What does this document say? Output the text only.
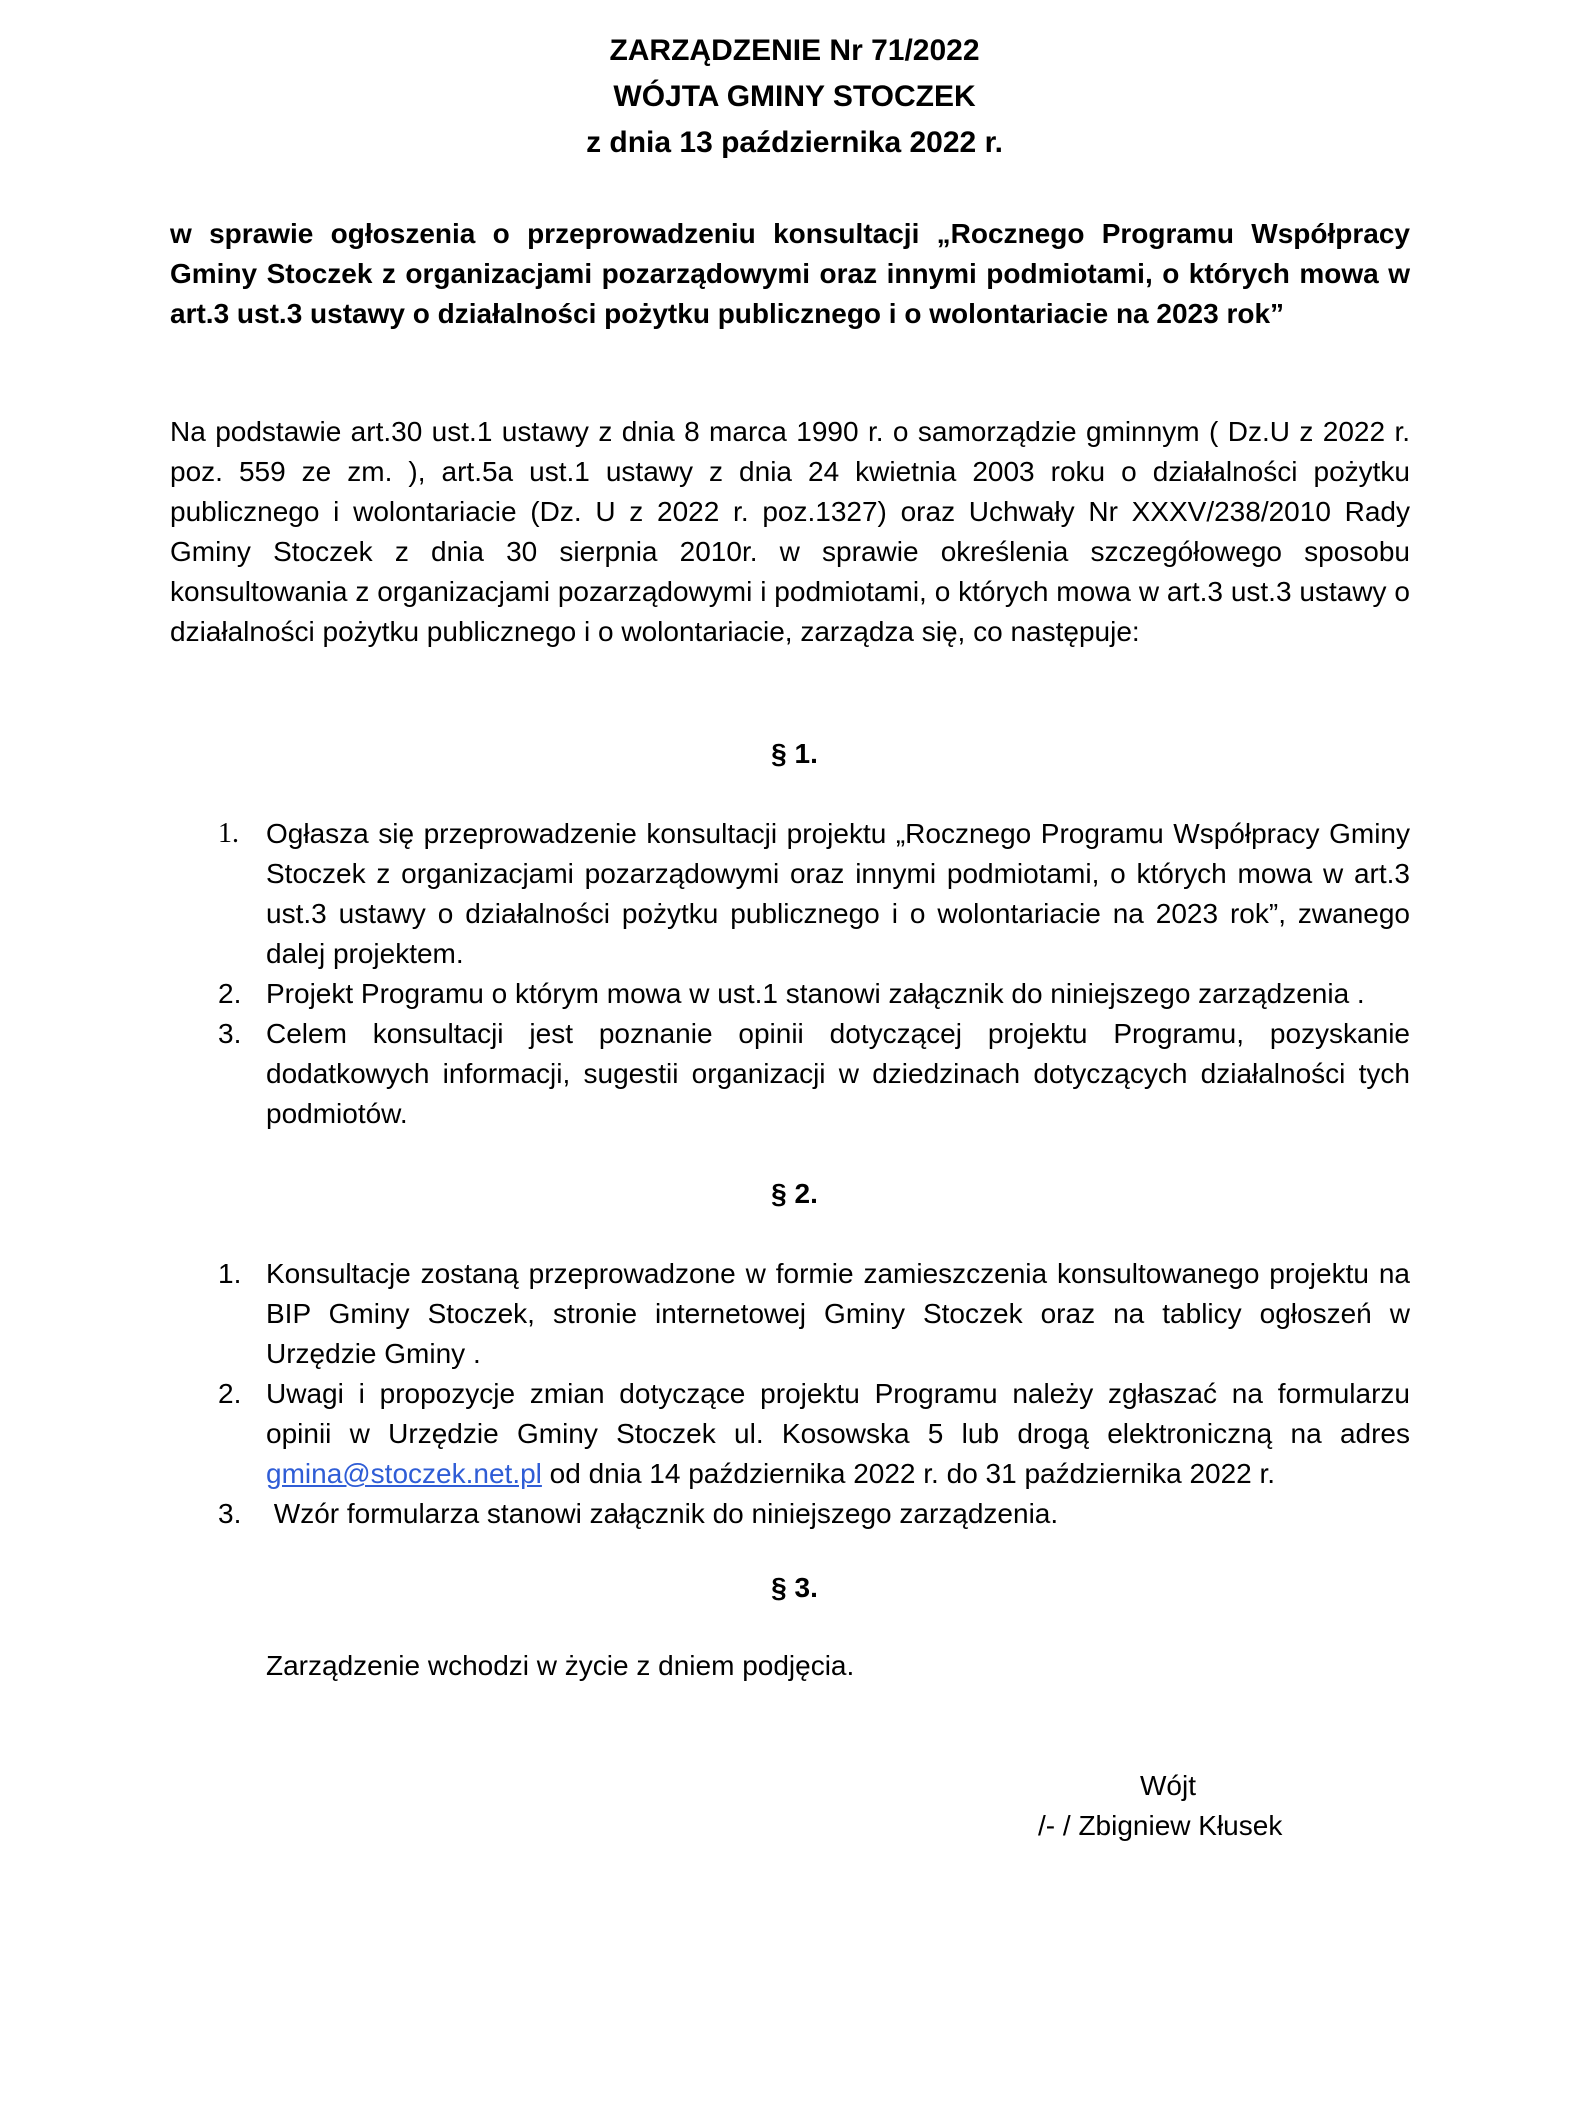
ZARZĄDZENIE Nr 71/2022
WÓJTA GMINY STOCZEK
z dnia 13 października 2022 r.
w sprawie ogłoszenia o przeprowadzeniu konsultacji „Rocznego Programu Współpracy Gminy Stoczek z organizacjami pozarządowymi oraz innymi podmiotami, o których mowa w art.3 ust.3 ustawy o działalności pożytku publicznego i o wolontariacie na 2023 rok”
Na podstawie art.30 ust.1 ustawy z dnia 8 marca 1990 r. o samorządzie gminnym ( Dz.U z 2022 r. poz. 559 ze zm. ), art.5a ust.1 ustawy z dnia 24 kwietnia 2003 roku o działalności pożytku publicznego i wolontariacie (Dz. U z 2022 r. poz.1327) oraz Uchwały Nr XXXV/238/2010 Rady Gminy Stoczek z dnia 30 sierpnia 2010r. w sprawie określenia szczegółowego sposobu konsultowania z organizacjami pozarządowymi i podmiotami, o których mowa w art.3 ust.3 ustawy o działalności pożytku publicznego i o wolontariacie, zarządza się, co następuje:
§ 1.
1. Ogłasza się przeprowadzenie konsultacji projektu „Rocznego Programu Współpracy Gminy Stoczek z organizacjami pozarządowymi oraz innymi podmiotami, o których mowa w art.3 ust.3 ustawy o działalności pożytku publicznego i o wolontariacie na 2023 rok”, zwanego dalej projektem.
2. Projekt Programu o którym mowa w ust.1 stanowi załącznik do niniejszego zarządzenia .
3. Celem konsultacji jest poznanie opinii dotyczącej projektu Programu, pozyskanie dodatkowych informacji, sugestii organizacji w dziedzinach dotyczących działalności tych podmiotów.
§ 2.
1. Konsultacje zostaną przeprowadzone w formie zamieszczenia konsultowanego projektu na BIP Gminy Stoczek, stronie internetowej Gminy Stoczek oraz na tablicy ogłoszeń w Urzędzie Gminy .
2. Uwagi i propozycje zmian dotyczące projektu Programu należy zgłaszać na formularzu opinii w Urzędzie Gminy Stoczek ul. Kosowska 5 lub drogą elektroniczną na adres gmina@stoczek.net.pl od dnia 14 października 2022 r. do 31 października 2022 r.
3. Wzór formularza stanowi załącznik do niniejszego zarządzenia.
§ 3.
Zarządzenie wchodzi w życie z dniem podjęcia.
Wójt
/- / Zbigniew Kłusek
